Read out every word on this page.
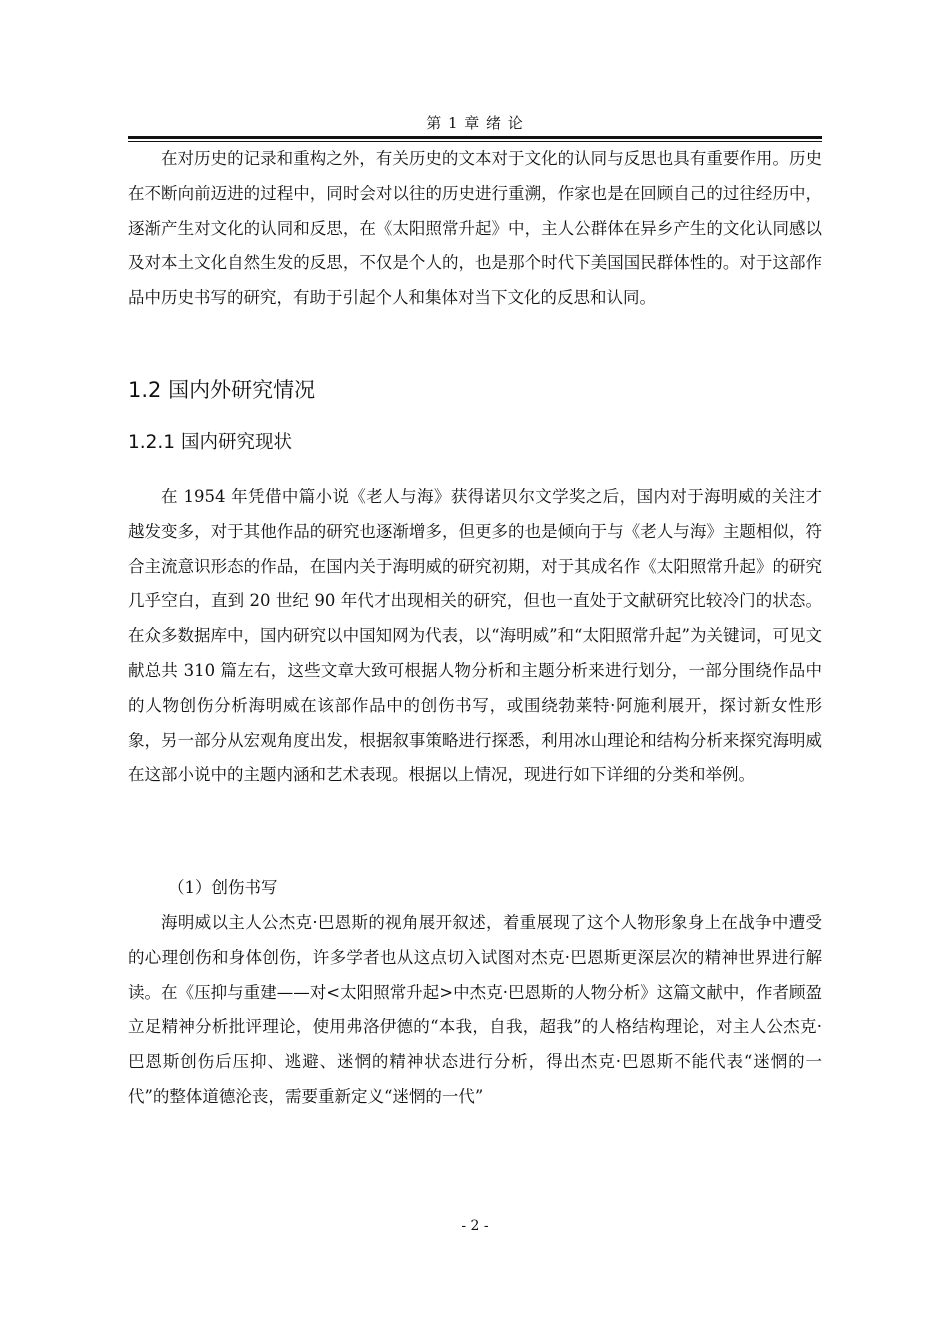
第 1 章 绪 论

在对历史的记录和重构之外，有关历史的文本对于文化的认同与反思也具有重要作用。历史在不断向前迈进的过程中，同时会对以往的历史进行重溯，作家也是在回顾自己的过往经历中，逐渐产生对文化的认同和反思，在《太阳照常升起》中，主人公群体在异乡产生的文化认同感以及对本土文化自然生发的反思，不仅是个人的，也是那个时代下美国国民群体性的。对于这部作品中历史书写的研究，有助于引起个人和集体对当下文化的反思和认同。

1.2 国内外研究情况
1.2.1 国内研究现状

在 1954 年凭借中篇小说《老人与海》获得诺贝尔文学奖之后，国内对于海明威的关注才越发变多，对于其他作品的研究也逐渐增多，但更多的也是倾向于与《老人与海》主题相似，符合主流意识形态的作品，在国内关于海明威的研究初期，对于其成名作《太阳照常升起》的研究几乎空白，直到 20 世纪 90 年代才出现相关的研究，但也一直处于文献研究比较冷门的状态。在众多数据库中，国内研究以中国知网为代表，以“海明威”和“太阳照常升起”为关键词，可见文献总共 310 篇左右，这些文章大致可根据人物分析和主题分析来进行划分，一部分围绕作品中的人物创伤分析海明威在该部作品中的创伤书写，或围绕勃莱特·阿施利展开，探讨新女性形象，另一部分从宏观角度出发，根据叙事策略进行探悉，利用冰山理论和结构分析来探究海明威在这部小说中的主题内涵和艺术表现。根据以上情况，现进行如下详细的分类和举例。

（1）创伤书写

海明威以主人公杰克·巴恩斯的视角展开叙述，着重展现了这个人物形象身上在战争中遭受的心理创伤和身体创伤，许多学者也从这点切入试图对杰克·巴恩斯更深层次的精神世界进行解读。在《压抑与重建——对<太阳照常升起>中杰克·巴恩斯的人物分析》这篇文献中，作者顾盈立足精神分析批评理论，使用弗洛伊德的“本我，自我，超我”的人格结构理论，对主人公杰克·巴恩斯创伤后压抑、逃避、迷惘的精神状态进行分析，得出杰克·巴恩斯不能代表“迷惘的一代”的整体道德沦丧，需要重新定义“迷惘的一代”

- 2 -
